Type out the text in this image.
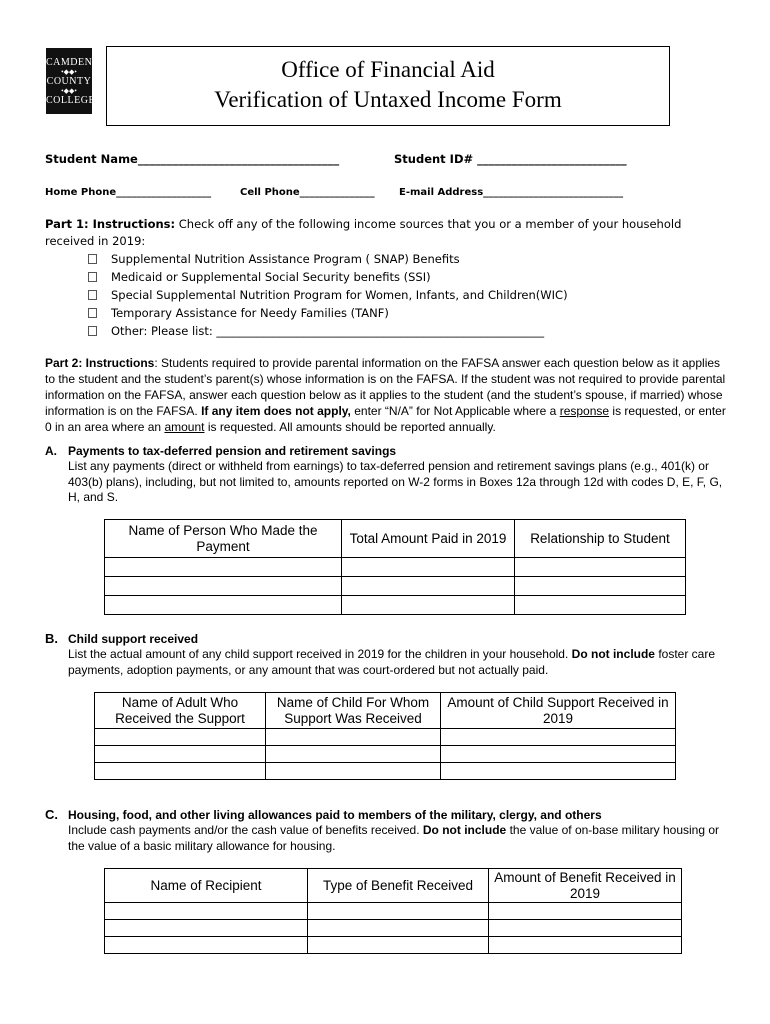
CAMDEN
•◆◆•
COUNTY
•◆◆•
COLLEGE
Office of Financial Aid
Verification of Untaxed Income Form
Student Name___________________________________	Student ID# __________________________
Home Phone___________________	Cell Phone_______________ E-mail Address____________________________
Part 1: Instructions: Check off any of the following income sources that you or a member of your household received in 2019:
Supplemental Nutrition Assistance Program ( SNAP) Benefits
Medicaid or Supplemental Social Security benefits (SSI)
Special Supplemental Nutrition Program for Women, Infants, and Children(WIC)
Temporary Assistance for Needy Families (TANF)
Other: Please list: _________________________________________________________
Part 2: Instructions: Students required to provide parental information on the FAFSA answer each question below as it applies to the student and the student’s parent(s) whose information is on the FAFSA. If the student was not required to provide parental information on the FAFSA, answer each question below as it applies to the student (and the student’s spouse, if married) whose information is on the FAFSA. If any item does not apply, enter “N/A” for Not Applicable where a response is requested, or enter 0 in an area where an amount is requested. All amounts should be reported annually.
A. Payments to tax-deferred pension and retirement savings
List any payments (direct or withheld from earnings) to tax-deferred pension and retirement savings plans (e.g., 401(k) or 403(b) plans), including, but not limited to, amounts reported on W-2 forms in Boxes 12a through 12d with codes D, E, F, G, H, and S.
Name of Person Who Made the Payment	Total Amount Paid in 2019	Relationship to Student

B. Child support received
List the actual amount of any child support received in 2019 for the children in your household. Do not include foster care payments, adoption payments, or any amount that was court-ordered but not actually paid.
Name of Adult Who Received the Support	Name of Child For Whom Support Was Received	Amount of Child Support Received in 2019

C. Housing, food, and other living allowances paid to members of the military, clergy, and others
Include cash payments and/or the cash value of benefits received. Do not include the value of on-base military housing or the value of a basic military allowance for housing.
Name of Recipient	Type of Benefit Received	Amount of Benefit Received in 2019
